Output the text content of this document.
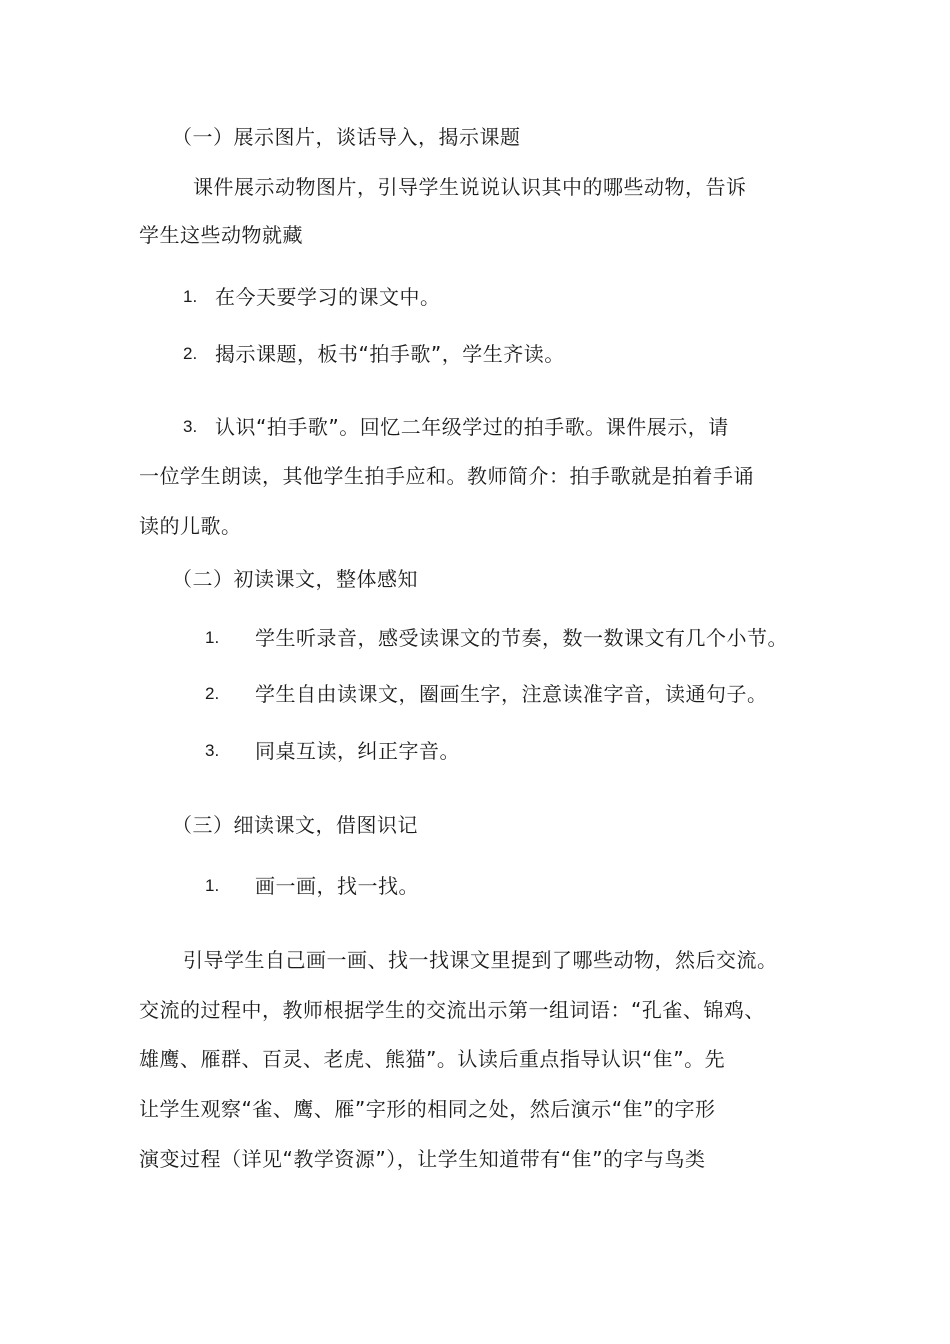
（一）展示图片，谈话导入，揭示课题
课件展示动物图片，引导学生说说认识其中的哪些动物，告诉
学生这些动物就藏
1. 在今天要学习的课文中。
2. 揭示课题，板书“拍手歌”，学生齐读。
3. 认识“拍手歌”。回忆二年级学过的拍手歌。课件展示，请
一位学生朗读，其他学生拍手应和。教师简介：拍手歌就是拍着手诵
读的儿歌。
（二）初读课文，整体感知
1. 学生听录音，感受读课文的节奏，数一数课文有几个小节。
2. 学生自由读课文，圈画生字，注意读准字音，读通句子。
3. 同桌互读，纠正字音。
（三）细读课文，借图识记
1. 画一画，找一找。
引导学生自己画一画、找一找课文里提到了哪些动物，然后交流。
交流的过程中，教师根据学生的交流出示第一组词语：“孔雀、锦鸡、
雄鹰、雁群、百灵、老虎、熊猫”。认读后重点指导认识“隹”。先
让学生观察“雀、鹰、雁”字形的相同之处，然后演示“隹”的字形
演变过程（详见“教学资源”），让学生知道带有“隹”的字与鸟类
